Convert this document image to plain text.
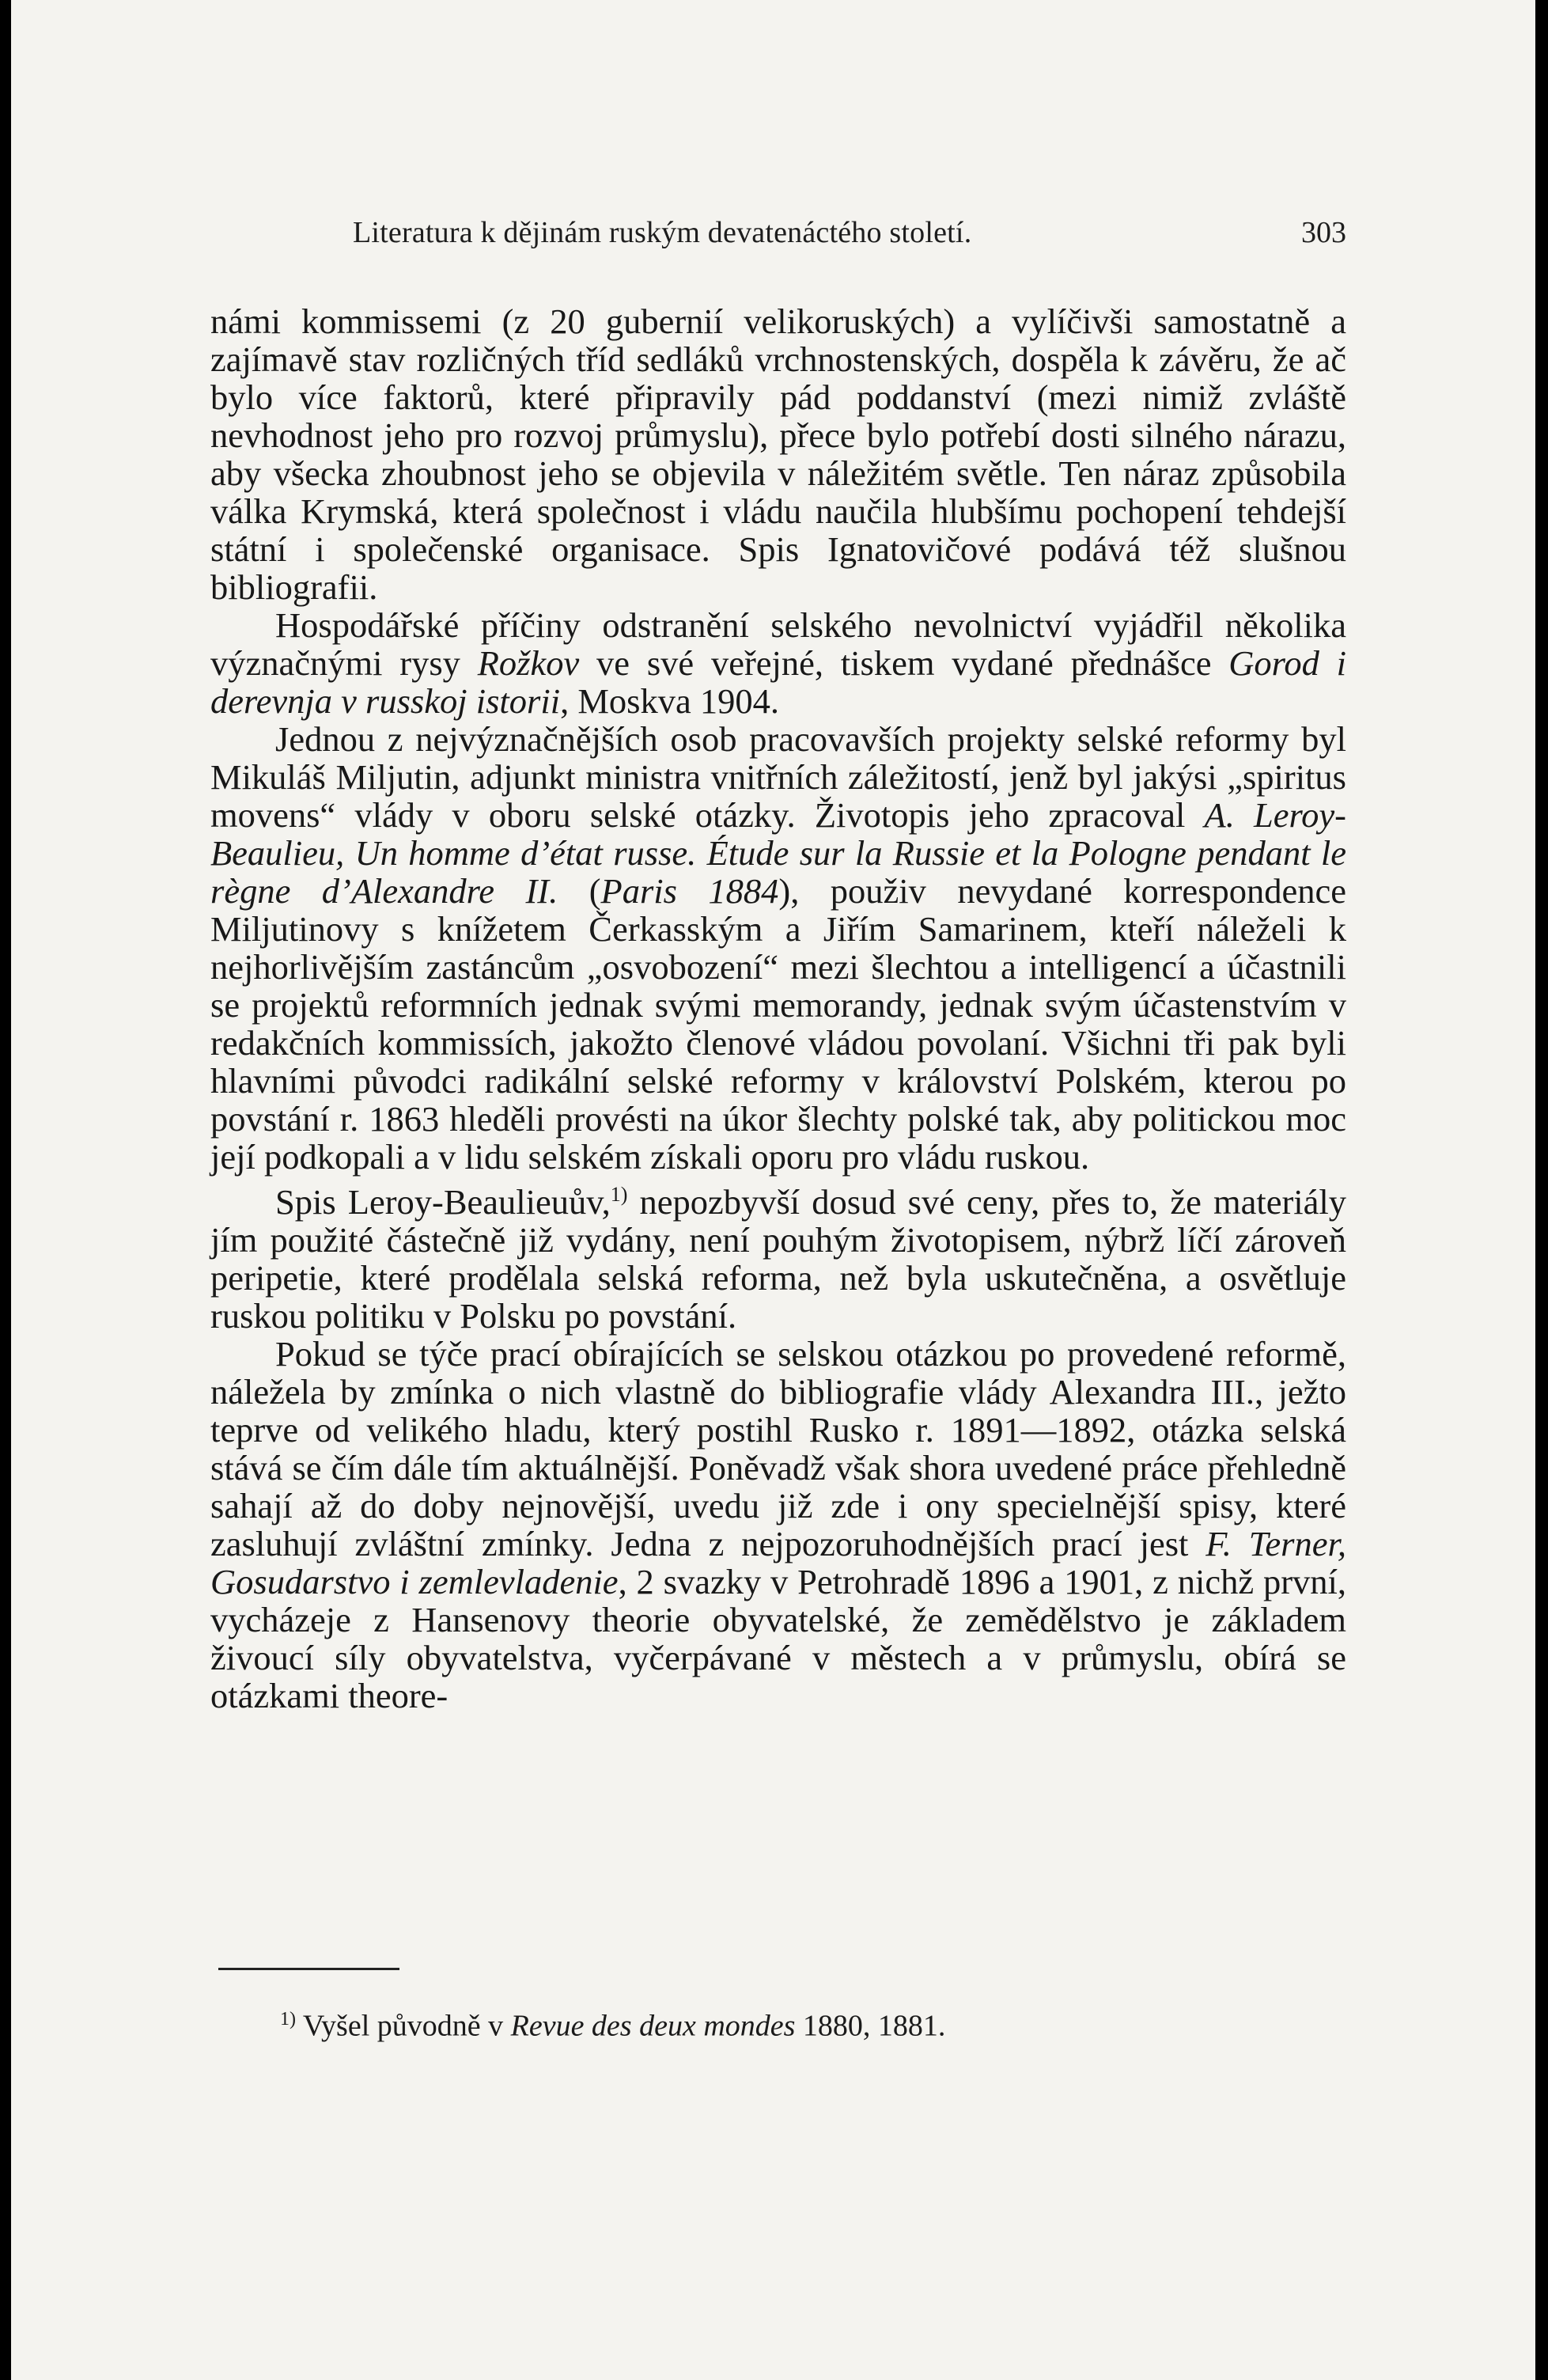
Literatura k dějinám ruským devatenáctého století.	303

námi kommissemi (z 20 gubernií velikoruských) a vylíčivši samostatně a zajímavě stav rozličných tříd sedláků vrchnostenských, dospěla k závěru, že ač bylo více faktorů, které připravily pád poddanství (mezi nimiž zvláště nevhodnost jeho pro rozvoj průmyslu), přece bylo potřebí dosti silného nárazu, aby všecka zhoubnost jeho se objevila v náležitém světle. Ten náraz způsobila válka Krymská, která společnost i vládu naučila hlubšímu pochopení tehdejší státní i společenské organisace. Spis Ignatovičové podává též slušnou bibliografii.

Hospodářské příčiny odstranění selského nevolnictví vyjádřil několika význačnými rysy Rožkov ve své veřejné, tiskem vydané přednášce Gorod i derevnja v russkoj istorii, Moskva 1904.

Jednou z nejvýznačnějších osob pracovavších projekty selské reformy byl Mikuláš Miljutin, adjunkt ministra vnitřních záležitostí, jenž byl jakýsi „spiritus movens“ vlády v oboru selské otázky. Životopis jeho zpracoval A. Leroy-Beaulieu, Un homme d’état russe. Étude sur la Russie et la Pologne pendant le règne d’Alexandre II. (Paris 1884), použiv nevydané korrespondence Miljutinovy s knížetem Čerkasským a Jiřím Samarinem, kteří náleželi k nejhorlivějším zastáncům „osvobození“ mezi šlechtou a intelligencí a účastnili se projektů reformních jednak svými memorandy, jednak svým účastenstvím v redakčních kommissích, jakožto členové vládou povolaní. Všichni tři pak byli hlavními původci radikální selské reformy v království Polském, kterou po povstání r. 1863 hleděli provésti na úkor šlechty polské tak, aby politickou moc její podkopali a v lidu selském získali oporu pro vládu ruskou.

Spis Leroy-Beaulieuův,$^{1)}$ nepozbyvší dosud své ceny, přes to, že materiály jím použité částečně již vydány, není pouhým životopisem, nýbrž líčí zároveň peripetie, které prodělala selská reforma, než byla uskutečněna, a osvětluje ruskou politiku v Polsku po povstání.

Pokud se týče prací obírajících se selskou otázkou po provedené reformě, náležela by zmínka o nich vlastně do bibliografie vlády Alexandra III., ježto teprve od velikého hladu, který postihl Rusko r. 1891—1892, otázka selská stává se čím dále tím aktuálnější. Poněvadž však shora uvedené práce přehledně sahají až do doby nejnovější, uvedu již zde i ony specielnější spisy, které zasluhují zvláštní zmínky. Jedna z nejpozoruhodnějších prací jest F. Terner, Gosudarstvo i zemlevladenie, 2 svazky v Petrohradě 1896 a 1901, z nichž první, vycházeje z Hansenovy theorie obyvatelské, že zemědělstvo je základem živoucí síly obyvatelstva, vyčerpávané v městech a v průmyslu, obírá se otázkami theore-

$^{1)}$ Vyšel původně v Revue des deux mondes 1880, 1881.
